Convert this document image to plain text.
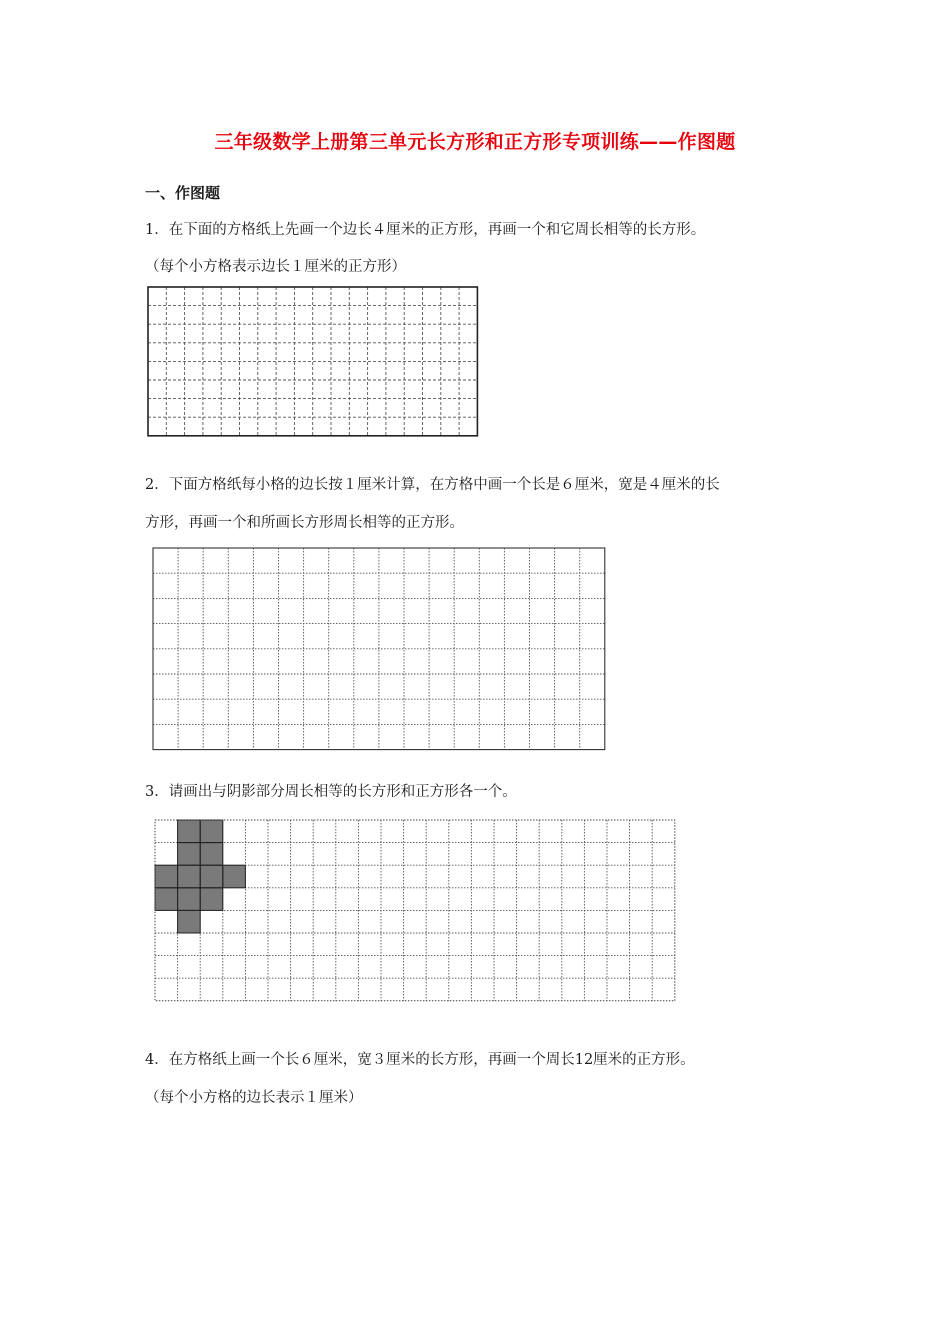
三年级数学上册第三单元长方形和正方形专项训练——作图题
一、作图题
1．在下面的方格纸上先画一个边长４厘米的正方形，再画一个和它周长相等的长方形。
（每个小方格表示边长１厘米的正方形）
2．下面方格纸每小格的边长按１厘米计算，在方格中画一个长是６厘米，宽是４厘米的长
方形，再画一个和所画长方形周长相等的正方形。
3．请画出与阴影部分周长相等的长方形和正方形各一个。
4．在方格纸上画一个长６厘米，宽３厘米的长方形，再画一个周长12厘米的正方形。
（每个小方格的边长表示１厘米）
